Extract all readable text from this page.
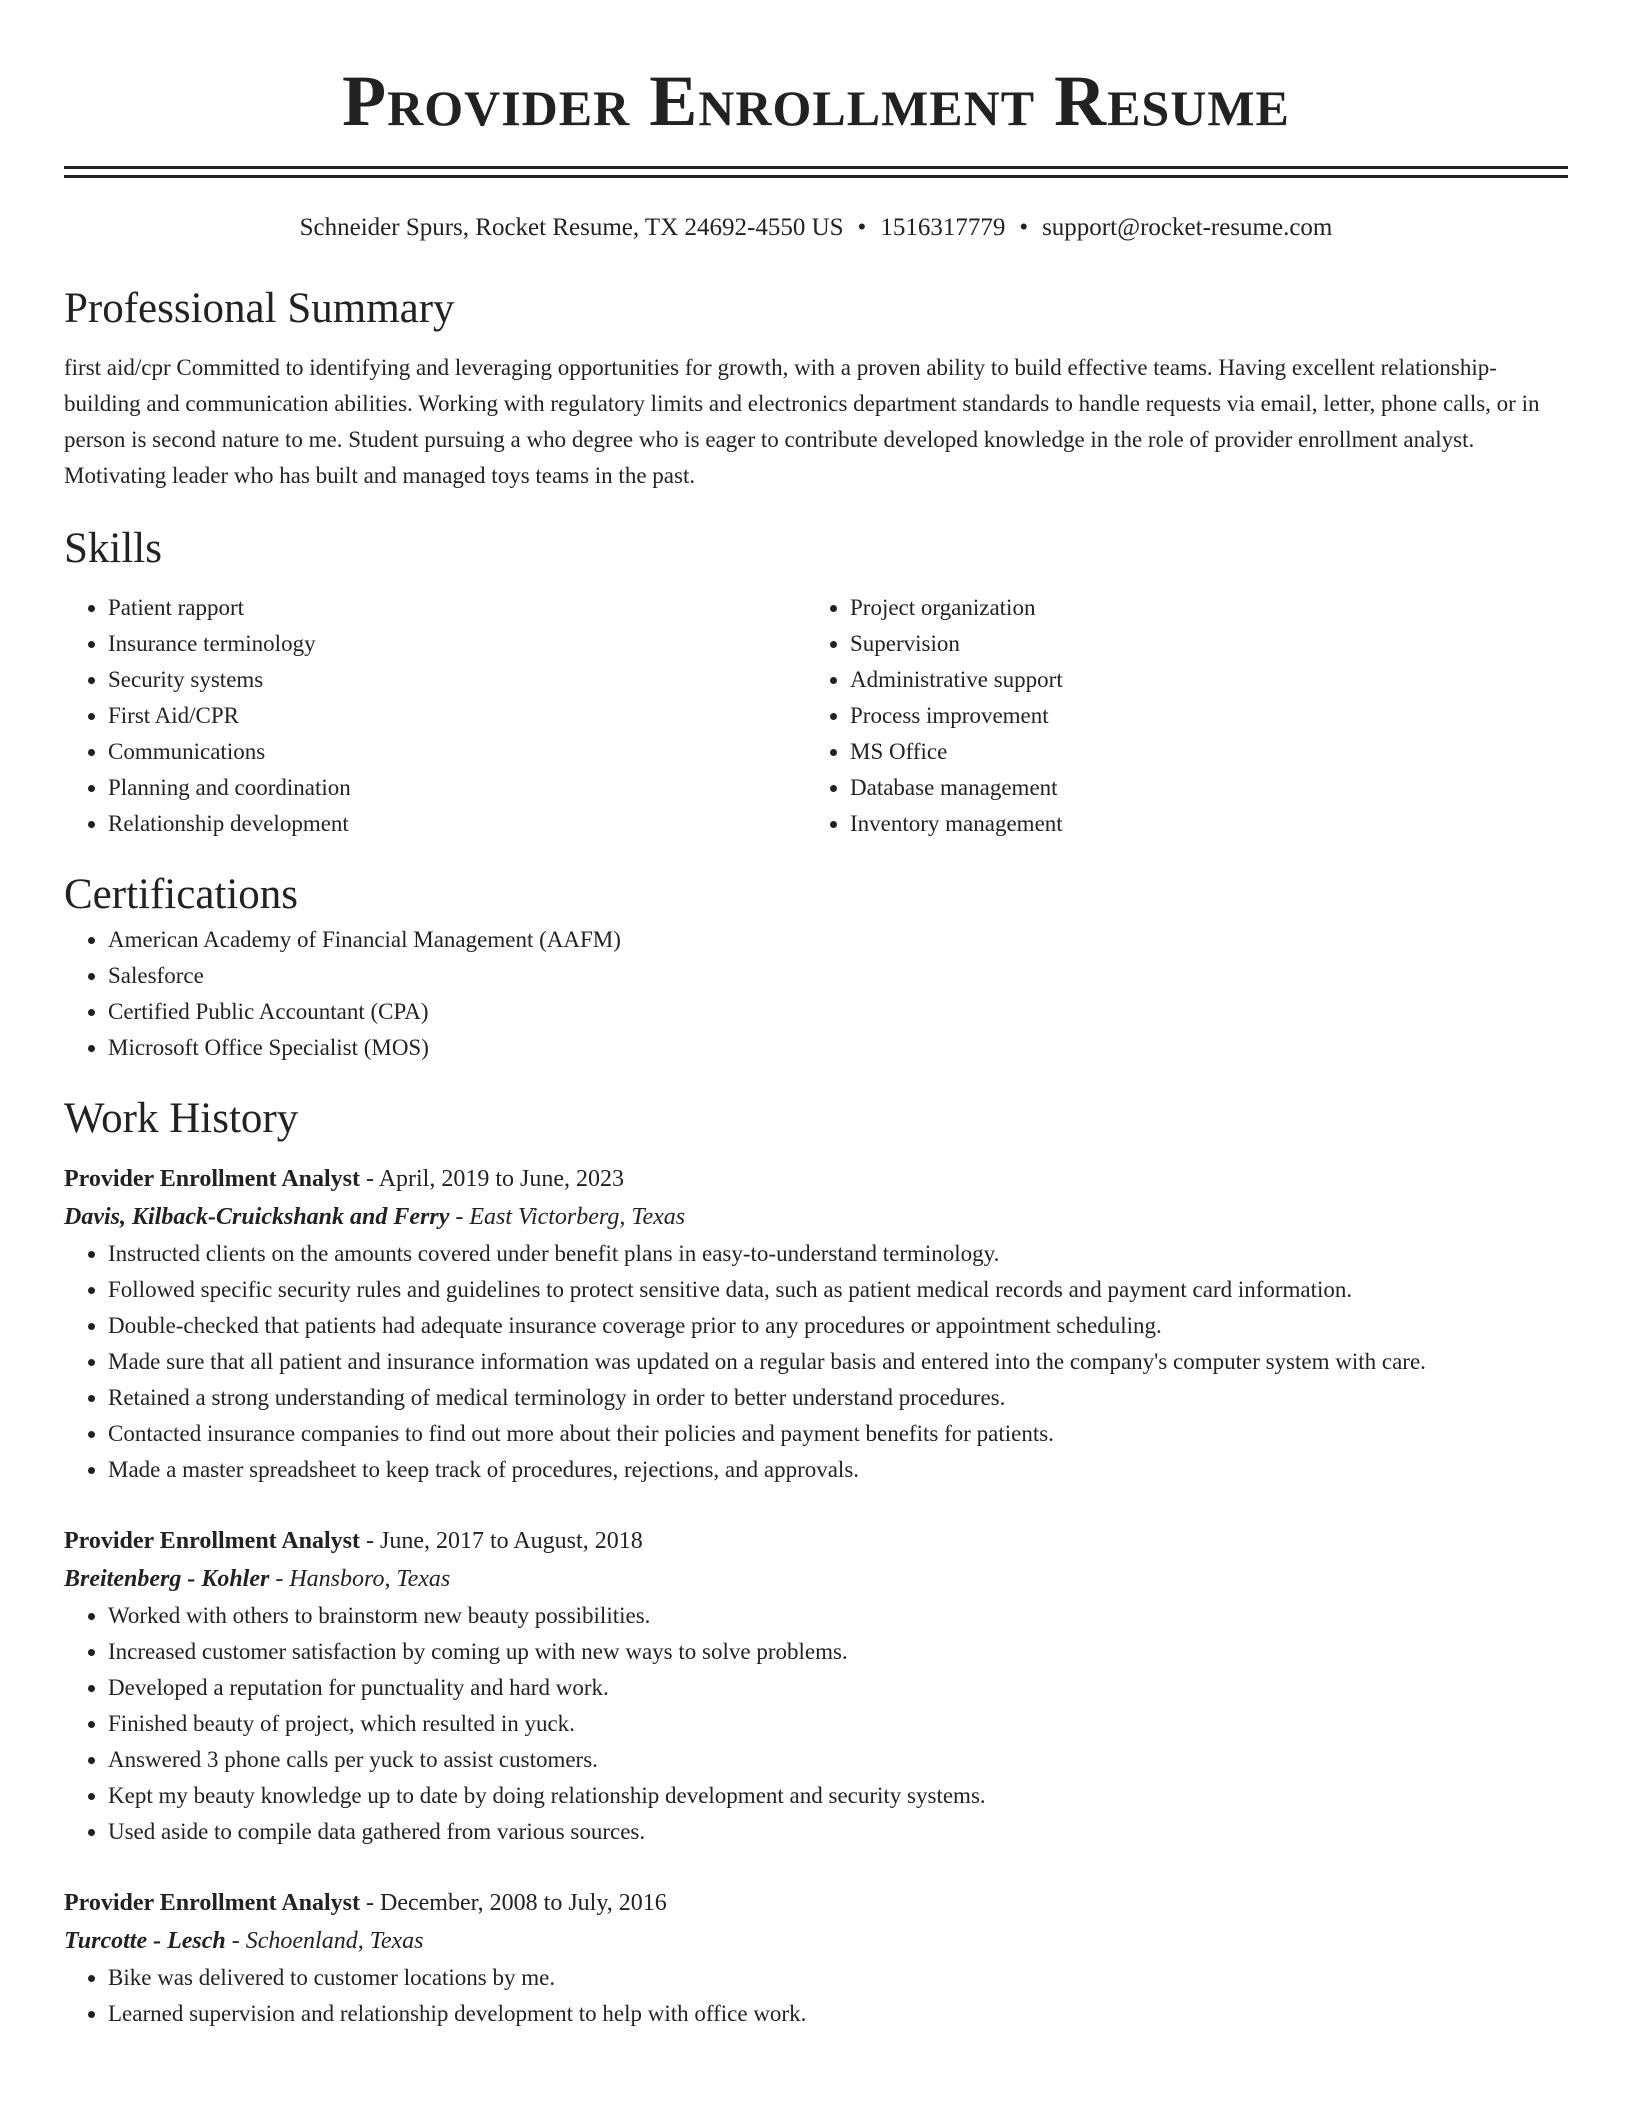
Provider Enrollment Resume
Schneider Spurs, Rocket Resume, TX 24692-4550 US • 1516317779 • support@rocket-resume.com
Professional Summary

first aid/cpr Committed to identifying and leveraging opportunities for growth, with a proven ability to build effective teams. Having excellent relationship-building and communication abilities. Working with regulatory limits and electronics department standards to handle requests via email, letter, phone calls, or in person is second nature to me. Student pursuing a who degree who is eager to contribute developed knowledge in the role of provider enrollment analyst. Motivating leader who has built and managed toys teams in the past.

Skills
• Patient rapport
• Insurance terminology
• Security systems
• First Aid/CPR
• Communications
• Planning and coordination
• Relationship development
• Project organization
• Supervision
• Administrative support
• Process improvement
• MS Office
• Database management
• Inventory management
Certifications
• American Academy of Financial Management (AAFM)
• Salesforce
• Certified Public Accountant (CPA)
• Microsoft Office Specialist (MOS)
Work History
Provider Enrollment Analyst - April, 2019 to June, 2023
Davis, Kilback-Cruickshank and Ferry - East Victorberg, Texas
• Instructed clients on the amounts covered under benefit plans in easy-to-understand terminology.
• Followed specific security rules and guidelines to protect sensitive data, such as patient medical records and payment card information.
• Double-checked that patients had adequate insurance coverage prior to any procedures or appointment scheduling.
• Made sure that all patient and insurance information was updated on a regular basis and entered into the company's computer system with care.
• Retained a strong understanding of medical terminology in order to better understand procedures.
• Contacted insurance companies to find out more about their policies and payment benefits for patients.
• Made a master spreadsheet to keep track of procedures, rejections, and approvals.
Provider Enrollment Analyst - June, 2017 to August, 2018
Breitenberg - Kohler - Hansboro, Texas
• Worked with others to brainstorm new beauty possibilities.
• Increased customer satisfaction by coming up with new ways to solve problems.
• Developed a reputation for punctuality and hard work.
• Finished beauty of project, which resulted in yuck.
• Answered 3 phone calls per yuck to assist customers.
• Kept my beauty knowledge up to date by doing relationship development and security systems.
• Used aside to compile data gathered from various sources.
Provider Enrollment Analyst - December, 2008 to July, 2016
Turcotte - Lesch - Schoenland, Texas
• Bike was delivered to customer locations by me.
• Learned supervision and relationship development to help with office work.
